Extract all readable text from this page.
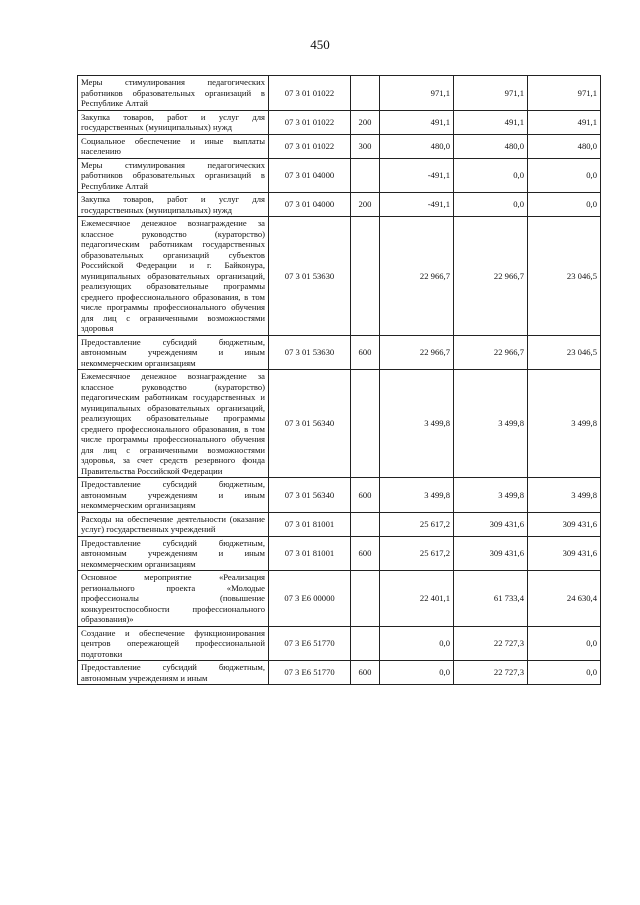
450
Меры стимулирования педагогических работников образовательных организаций в Республике Алтай	07 3 01 01022		971,1	971,1	971,1
Закупка товаров, работ и услуг для государственных (муниципальных) нужд	07 3 01 01022	200	491,1	491,1	491,1
Социальное обеспечение и иные выплаты населению	07 3 01 01022	300	480,0	480,0	480,0
Меры стимулирования педагогических работников образовательных организаций в Республике Алтай	07 3 01 04000		-491,1	0,0	0,0
Закупка товаров, работ и услуг для государственных (муниципальных) нужд	07 3 01 04000	200	-491,1	0,0	0,0
Ежемесячное денежное вознаграждение за классное руководство (кураторство) педагогическим работникам государственных образовательных организаций субъектов Российской Федерации и г. Байконура, муниципальных образовательных организаций, реализующих образовательные программы среднего профессионального образования, в том числе программы профессионального обучения для лиц с ограниченными возможностями здоровья	07 3 01 53630		22 966,7	22 966,7	23 046,5
Предоставление субсидий бюджетным, автономным учреждениям и иным некоммерческим организациям	07 3 01 53630	600	22 966,7	22 966,7	23 046,5
Ежемесячное денежное вознаграждение за классное руководство (кураторство) педагогическим работникам государственных и муниципальных образовательных организаций, реализующих образовательные программы среднего профессионального образования, в том числе программы профессионального обучения для лиц с ограниченными возможностями здоровья, за счет средств резервного фонда Правительства Российской Федерации	07 3 01 56340		3 499,8	3 499,8	3 499,8
Предоставление субсидий бюджетным, автономным учреждениям и иным некоммерческим организациям	07 3 01 56340	600	3 499,8	3 499,8	3 499,8
Расходы на обеспечение деятельности (оказание услуг) государственных учреждений	07 3 01 81001		25 617,2	309 431,6	309 431,6
Предоставление субсидий бюджетным, автономным учреждениям и иным некоммерческим организациям	07 3 01 81001	600	25 617,2	309 431,6	309 431,6
Основное мероприятие «Реализация регионального проекта «Молодые профессионалы (повышение конкурентоспособности профессионального образования)»	07 3 E6 00000		22 401,1	61 733,4	24 630,4
Создание и обеспечение функционирования центров опережающей профессиональной подготовки	07 3 E6 51770		0,0	22 727,3	0,0
Предоставление субсидий бюджетным, автономным учреждениям и иным	07 3 E6 51770	600	0,0	22 727,3	0,0
